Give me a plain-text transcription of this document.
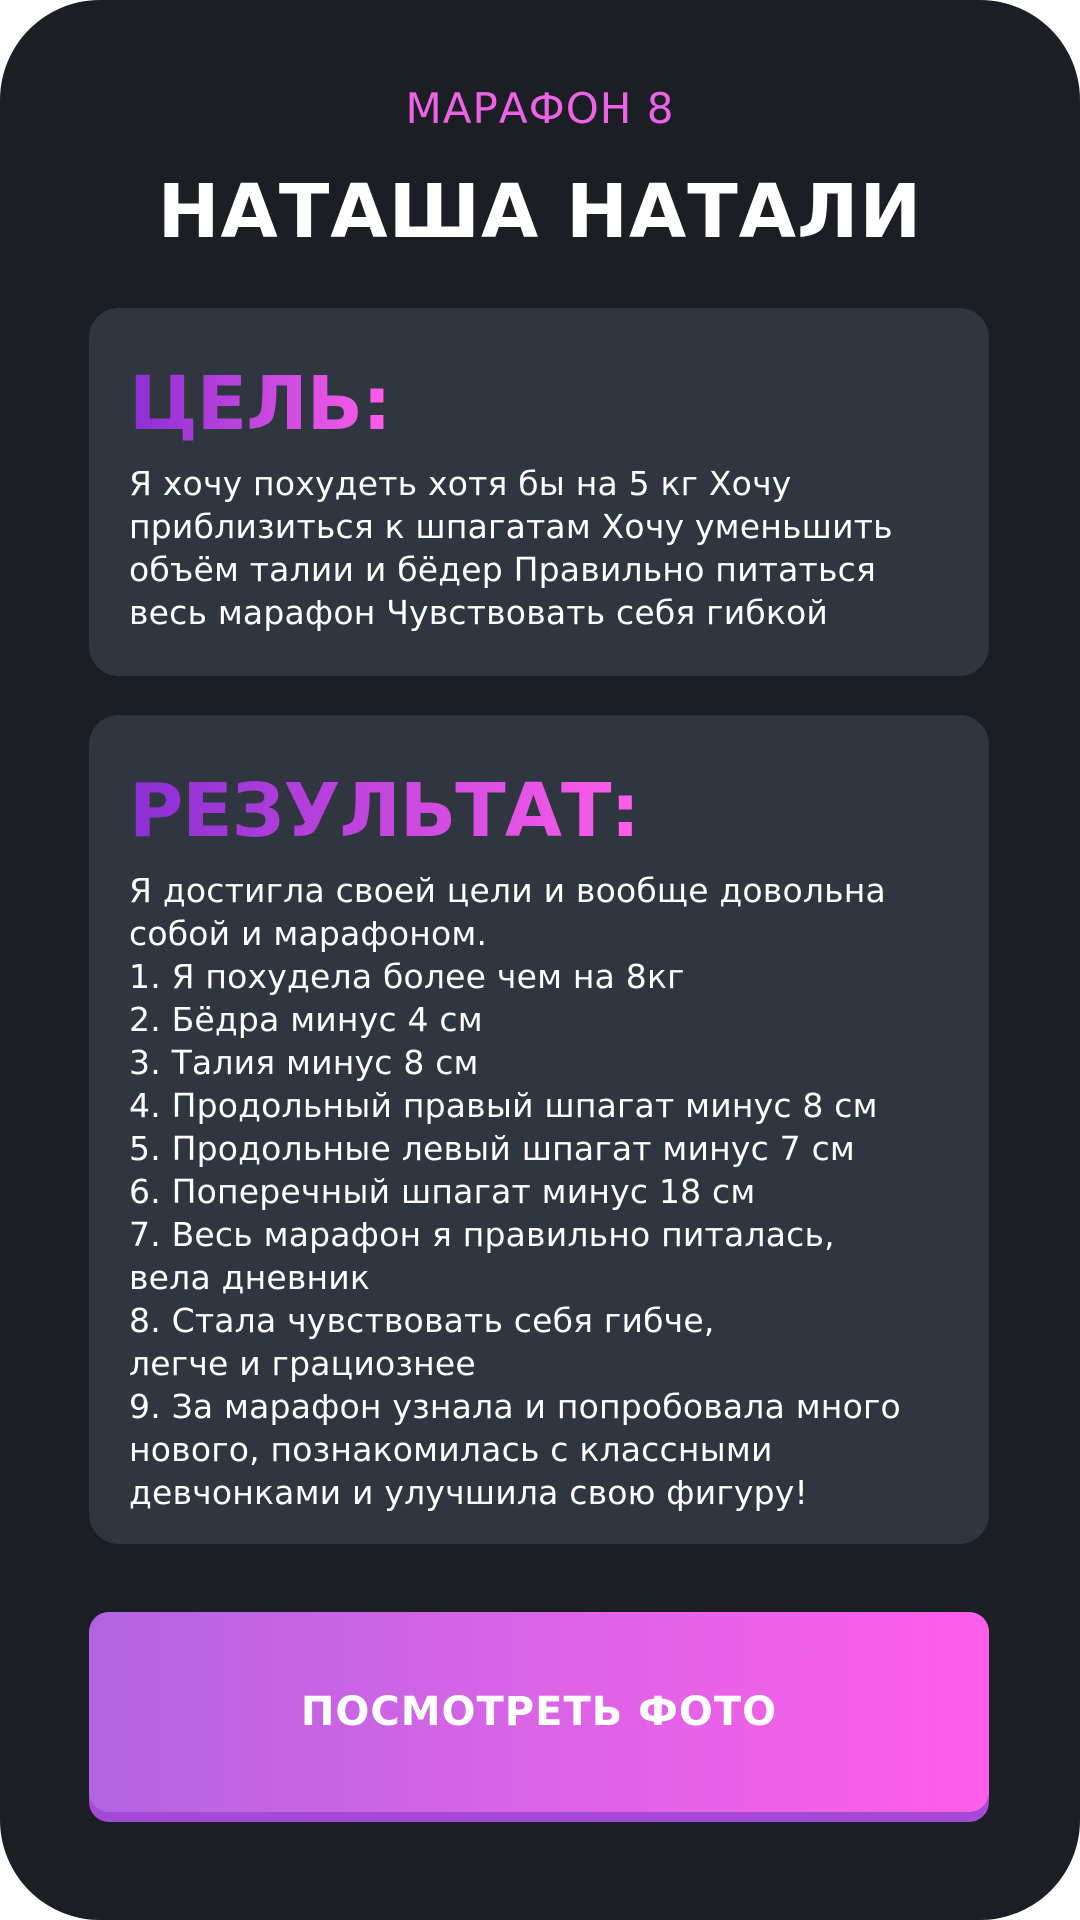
МАРАФОН 8
НАТАША НАТАЛИ
ЦЕЛЬ:

Я хочу похудеть хотя бы на 5 кг Хочу
приблизиться к шпагатам Хочу уменьшить
объём талии и бёдер Правильно питаться
весь марафон Чувствовать себя гибкой

РЕЗУЛЬТАТ:

Я достигла своей цели и вообще довольна
собой и марафоном.
1. Я похудела более чем на 8кг
2. Бёдра минус 4 см
3. Талия минус 8 см
4. Продольный правый шпагат минус 8 см
5. Продольные левый шпагат минус 7 см
6. Поперечный шпагат минус 18 см
7. Весь марафон я правильно питалась,
вела дневник
8. Стала чувствовать себя гибче,
легче и грациознее
9. За марафон узнала и попробовала много
нового, познакомилась с классными
девчонками и улучшила свою фигуру!

ПОСМОТРЕТЬ ФОТО
